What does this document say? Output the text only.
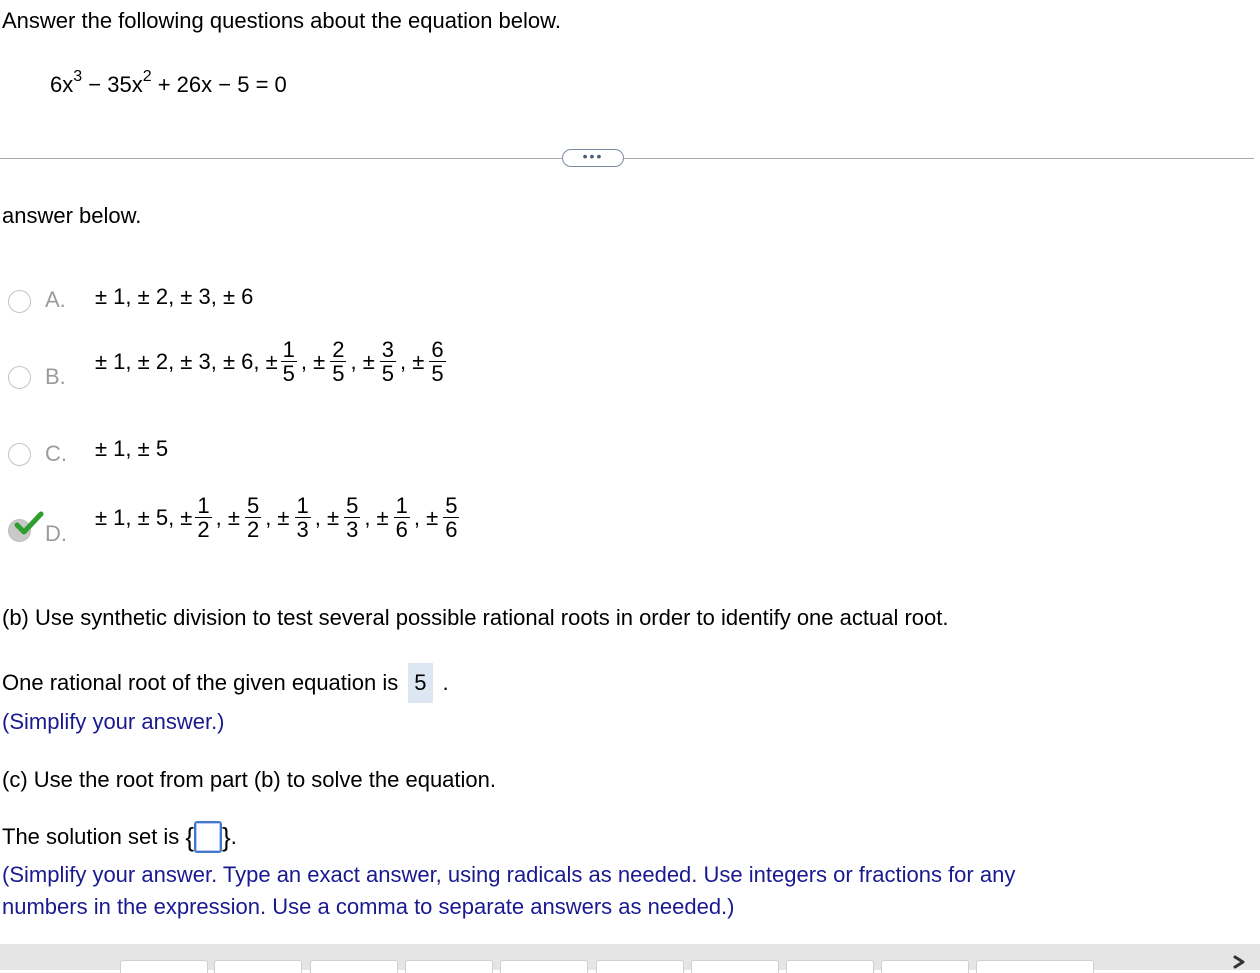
Answer the following questions about the equation below.
$6x^3 - 35x^2 + 26x - 5 = 0$
•••
answer below.
A. ± 1, ± 2, ± 3, ± 6
B.
± 1, ± 2, ± 3, ± 6, ± $\frac{1}{5}$ , ± $\frac{2}{5}$ , ± $\frac{3}{5}$ , ± $\frac{6}{5}$
C. ± 1, ± 5
D.
± 1, ± 5, ± $\frac{1}{2}$ , ± $\frac{5}{2}$ , ± $\frac{1}{3}$ , ± $\frac{5}{3}$ , ± $\frac{1}{6}$ , ± $\frac{5}{6}$
(b) Use synthetic division to test several possible rational roots in order to identify one actual root.
One rational root of the given equation is 5 .
(Simplify your answer.)
(c) Use the root from part (b) to solve the equation.
The solution set is { } .
(Simplify your answer. Type an exact answer, using radicals as needed. Use integers or fractions for any
numbers in the expression. Use a comma to separate answers as needed.)
